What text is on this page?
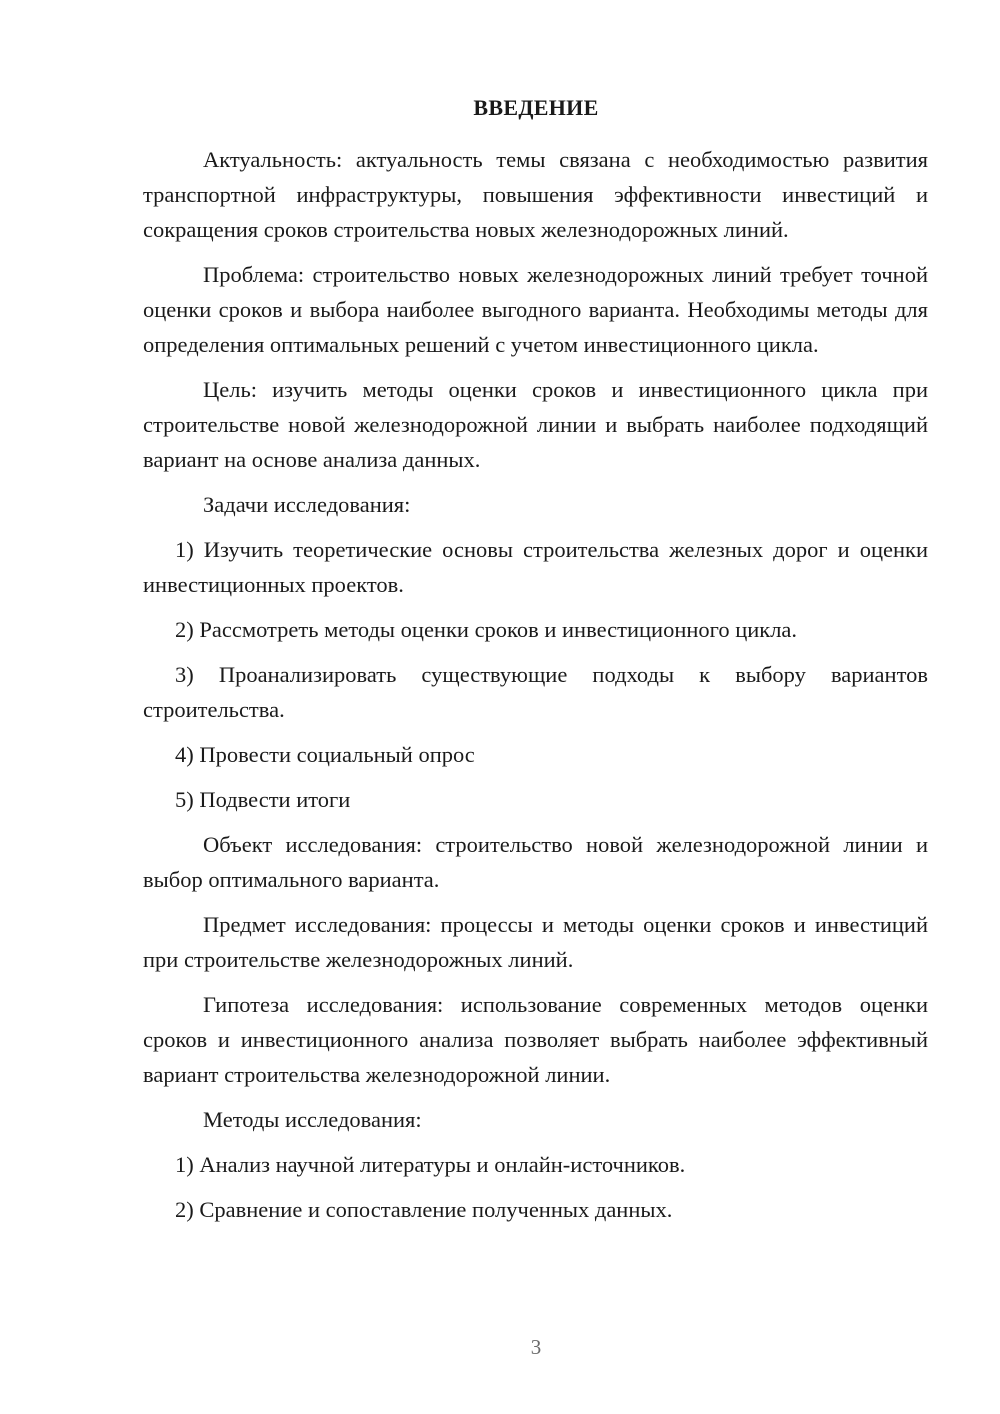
ВВЕДЕНИЕ

Актуальность: актуальность темы связана с необходимостью развития транспортной инфраструктуры, повышения эффективности инвестиций и сокращения сроков строительства новых железнодорожных линий.

Проблема: строительство новых железнодорожных линий требует точной оценки сроков и выбора наиболее выгодного варианта. Необходимы методы для определения оптимальных решений с учетом инвестиционного цикла.

Цель: изучить методы оценки сроков и инвестиционного цикла при строительстве новой железнодорожной линии и выбрать наиболее подходящий вариант на основе анализа данных.

Задачи исследования:

1) Изучить теоретические основы строительства железных дорог и оценки инвестиционных проектов.

2) Рассмотреть методы оценки сроков и инвестиционного цикла.

3) Проанализировать существующие подходы к выбору вариантов строительства.

4) Провести социальный опрос

5) Подвести итоги

Объект исследования: строительство новой железнодорожной линии и выбор оптимального варианта.

Предмет исследования: процессы и методы оценки сроков и инвестиций при строительстве железнодорожных линий.

Гипотеза исследования: использование современных методов оценки сроков и инвестиционного анализа позволяет выбрать наиболее эффективный вариант строительства железнодорожной линии.

Методы исследования:

1) Анализ научной литературы и онлайн-источников.

2) Сравнение и сопоставление полученных данных.

3
